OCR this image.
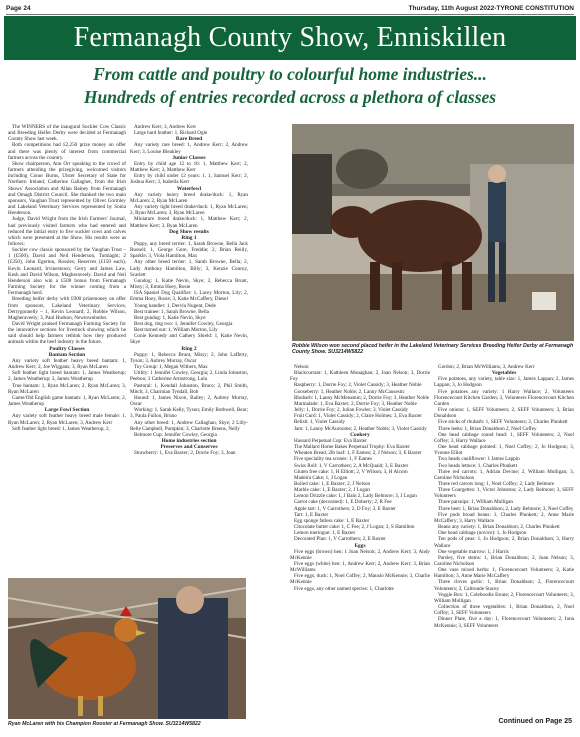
Page 24	Thursday, 11th August 2022-TYRONE CONSTITUTION
Fermanagh County Show, Enniskillen
From cattle and poultry to colourful home industries...
Hundreds of entries recorded across a plethora of classes

The WINNERS of the inaugural Suckler Cow Classic and Breeding Heifer Derby were decided at Fermanagh County Show last week.

Both competitions had £2,250 prize money on offer and there was plenty of interest from commercial farmers across the country.

Show chairperson, Ann Orr speaking to the crowd of farmers attending the prizegiving, welcomed visitors including Conor Burns, Ulster Secretary of State for Northern Ireland, Catherine Gallagher, from the Irish Shows' Association and Allan Rainey from Fermanagh and Omagh District Council. She thanked the two main sponsors, Vaughan Trust represented by Oliver Gormley and Lakeland Veterinary Services represented by Sonia Henderson.

Judge, David Wright from the Irish Farmers' Journal, had previously visited farmers who had entered and reduced the initial entry to five suckler cows and calves which were presented at the Show. His results were as follows;

Suckler cow classic sponsored by the Vaughan Trust – 1 (£500), David and Neil Henderson, Tumlaght; 2 (£350), John Egerton, Rossles; Reserves (£150 each), Kevin Leonard, Irvinestown; Gerry and James Law, Kesh and David Wilson, Magheraveely. David and Neil Henderson also win a £500 bonus from Fermanagh Farming Society for the winner coming from a Fermanagh herd.

Breeding heifer derby with £900 prizemoney on offer from sponsors, Lakeland Veterinary Services, Derrygonnelly – 1, Kevin Leonard; 2, Robbie Wilson, Magheraveely; 3, Paul Hudson, Newtownbutler.

David Wright praised Fermanagh Farming Society for the innovative sections for livestock showing which he said should help farmers rethink how they produced animals within the beef industry in the future.

Poultry Classes

Bantam Section

Any variety soft feather heavy breed bantam: 1, Andrew Kerr; 2, Joe Wiggans; 3, Ryan McLaren

Soft feather light breed bantam: 1, James Weatherup; 2, James Weatherup; 3, James Weatherup

True bantam: 1, Ryan McLaren; 2, Ryan McLaren; 3, Ryan McLaren

Game/Old English game bantam: 1, Ryan McLaren; 2, James Weatherup

Large Fowl Section

Any variety soft feather heavy breed male female: 1, Ryan McLaren; 2, Ryan McLaren; 3, Andrew Kerr

Soft feather light breed: 1, James Weatherup; 2,

Andrew Kerr; 3, Andrew Kerr

Large hard feather: 1, Richard Ogle

Rare Breed

Any variety rare breed: 1, Andrew Kerr; 2, Andrew Kerr; 3, Louise Bleakley

Junior Classes

Entry by child age 12 to 16: 1, Matthew Kerr; 2, Matthew Kerr; 3, Matthew Kerr

Entry by child under 12 years: 1, 1, Samuel Kerr; 2, Joshua Kerr; 3, Isabella Kerr

Waterfowl

Any variety heavy breed drake/duck: 1, Ryan McLaren; 2, Ryan McLaren

Any variety light breed drake/duck: 1, Ryan McLaren; 2, Ryan McLaren; 3, Ryan McLaren

Miniature breed drake/duck: 1, Matthew Kerr; 2, Matthew Kerr; 3, Ryan McLaren

Dog Show results

Ring 1

Puppy, any breed terrier: 1, Sarah Browne, Bella Jack Russell; 1, George Gore, Freddie; 2, Brian Reilly, Sparkle; 3, Viola Hamilton, Max

Any other breed terrier: 1, Sarah Browne, Bella; 2, Lady Anthony Hamilton, Billy; 3, Kenzie Conroy, Scarlett

Gundog: 1, Katie Nevin, Skye; 2, Rebecca Brunt, Missy; 3, Emma Hoey, Rosie

ISA Spaniel Dog Qualifier: 1, Lacey Morton, Lily; 2, Emma Hoey, Rosie; 3, Katie McCaffery, Diesel

Young handler: 1, Dervla Nugent, Dede

Best trainee: 1, Sarah Browne, Bella

Best gundog: 1, Katie Nevin, Skye

Best dog, ring two: 1, Jennifer Cowley, Georgia

Best turned out: 1, William Morton, Lily

Conie Kennedy and Cathery Shield: 1, Katie Nevin, Skye

Ring 2

Puppy: 1, Rebecca Brunt, Missy; 2, John Lafferty, Tyson; 3, Aubrey Murray, Oscar

Toy Group: 1, Megan Withers, Max

Utility: 1 Jennifer Cowley, Georgia; 2, Linda Johnston, Peeboo; 3 Catherine Armstrong, Lulu

Pastoral: 1, Kendall Johnston, Bruce; 2, Phil Smith, Mitch; 3, Charmian Tyndall, Bob

Hound: 1, James Nixon, Bailey; 2, Aubrey Murray, Oscar

Working: 1, Sarah Kelly, Tyson; Emily Bothwell, Bear; 3, Paula Fulloo, Bruno

Any other breed: 1, Andrew Callaghan, Skye; 2 Lilly-Belle Campbell, Pumpkin; 3, Charlotte Breens, Nelly

Belmore Cup: Jennifer Cowley, Georgia

Home industries section

Preserves and Conserves

Strawberry: 1, Eva Baxter; 2, Dorrie Foy; 3, Joan

Robbie Wilson won second placed heifer in the Lakeland Veterinary Services Breeding Heifer Derby at Fermanagh County Show. SU3214W5822

Nelson

Blackcurrant: 1, Kathleen Monaghan; 2, Joan Nelson; 3, Dorrie Foy

Raspberry: 1, Dorrie Foy; 2, Violet Cassidy; 3, Heather Noble

Gooseberry: 1, Heather Noble; 2, Lanny McCausestic

Rhubarb: 1, Lanny McMenamin; 2, Dorrie Foy; 3, Heather Noble

Marmalade: 1, Eva Baxter; 2, Dorrie Foy; 3, Heather Noble

Jelly: 1, Dorrie Foy; 2, Julian Fowler; 3, Violet Cassidy

Fruit Curd: 1, Violet Cassidy; 2, Claire Holmes; 3, Eva Baxter

Relish: 1, Violet Cassidy

Jam: 1, Lanny McAuroume; 2, Heather Noble; 3, Violet Cassidy

Cookery

Hassard Perpetual Cup: Eva Baxter

The Mallard Home Bakes Perpetual Trophy: Eva Baxter

Wheaten Bread, 2lb loaf: 1, F Eames; 2, J Nelson; 3, E Baxter

Five speciality tea scones: 1, F Eames

Swiss Roll: 1, V Carrothers; 2, A McQuaid; 3, E Baxter

Gluten free cake: 1, H Elliott; 2, V Wilson; 3, H Alcorn

Madeira Cake; 1, J Logan

Boiled cake: 1, E Baxter; 2, J Nelson

Marble cake: 1, E Baxter; 2, J Logan

Lemon Drizzle cake: 1, J Bain 2, Lady Belmore; 3, J Logan

Carrot cake (decorated): 1, E Doherty; 2, R Fee

Apple tart: 1, V Carrothers; 2, D Foy; 3, E Baxter

Tart: 1, E Baxter

Egg sponge fatless cake: 1, E Baxter

Chocolate butter cake: 1, C Fee; 2, J Logan; 3, S Hamilton

Lemon meringue: 1, E Baxter

Decorated Plan: 1, V Carrothers; 2, E Baxter

Eggs

Five eggs (brown) hen: 1 Joan Nelson; 2, Andrew Kerr; 3, Andy McKennie

Five eggs (white) hen: 1, Andrew Kerr; 2, Andrew Kerr; 3, Brian McWilliams

Five eggs, duck: 1, Noel Coffey; 2, Mauslo McKennie; 3, Charlie McKennie

Five eggs, any other named species: 1, Charlotte

Gordon; 2, Brian McWilliams; 3, Andrew Kerr

Vegetables

Five potatoes, any variety, table size: 1, James Lappan; 2, James Lappan; 3, Jo Hodgson

Five potatoes any variety: 1 Harry Wallace; 2, Volunteers Florencecourt Kitchen Garden; 3, Volunteers Florencecourt Kitchen Garden

Five onions: 1, SEFF Volunteers; 2, SEFF Volunteers; 3, Brian Donaldson

Five sticks of rhubarb: 1, SEFF Volunteers; 2, Charles Plunkett

Three leeks: 1, Brian Donaldson 2, Noel Coffey

One head cabbage round head: 1, SEFF Volunteers; 2, Noel Coffey; 3, Harry Wallace

One head cabbage pointed: 1, Noel Coffey; 2, Jo Hodgson; 3, Yvonne Elliot

Two heads cauliflower: 1 James Lappin

Two heads lettuce: 1, Charles Plunkett

Three red carrots: 1, Adrian Devine; 2, William Mulligan; 3, Caroline Nicholson

Three red carrots long: 1, Noel Coffey; 2, Lady Belmore

Three Courgettes: 1, Victor Johnston; 2, Lady Belmore; 3, SEFF Volunteers

Three parsnips: 1, William Mulligan

Three beet: 1, Brian Donaldson; 2, Lady Belmore; 3, Noel Coffey

Five pods broad beans: 1, Charles Plunkett; 2, Anne Marie McCaffery; 3, Harry Wallace

Beans any variety: 1, Brian Donaldson; 2, Charles Plunkett

One head cabbage (novice): 1, Jo Hodgson

Ten pods of peas: 1, Jo Hodgson; 2, Brian Donaldson; 3, Harry Wallace

One vegetable marrow: 1, J Harris

Parsley, five stems: 1, Brian Donaldson; 2, Joan Nelson; 3, Caroline Nicholson

One vase mixed herbs: 1, Florencecourt Volunteers; 2, Katie Hamilton; 3, Anne Marie McCaffery

Three cloves garlic: 1, Brian Donaldson; 2, Florencecourt Volunteers; 3, Caltroude Stacey

Veggie Box: 1, Coleboodie Estate; 2, Florencecourt Volunteers; 3, William Mulligan

Collection of three vegetables: 1, Brian Donaldson, 2, Noel Coffey; 3, SEFF Volunteers

Dinner Plate, five a day: 1, Florencecourt Volunteers; 2, Iona McKennie; 3, SEFF Volunteers

Ryan McLaren with his Champion Rooster at Fermanagh Show. SU3214W5822	Continued on Page 25
